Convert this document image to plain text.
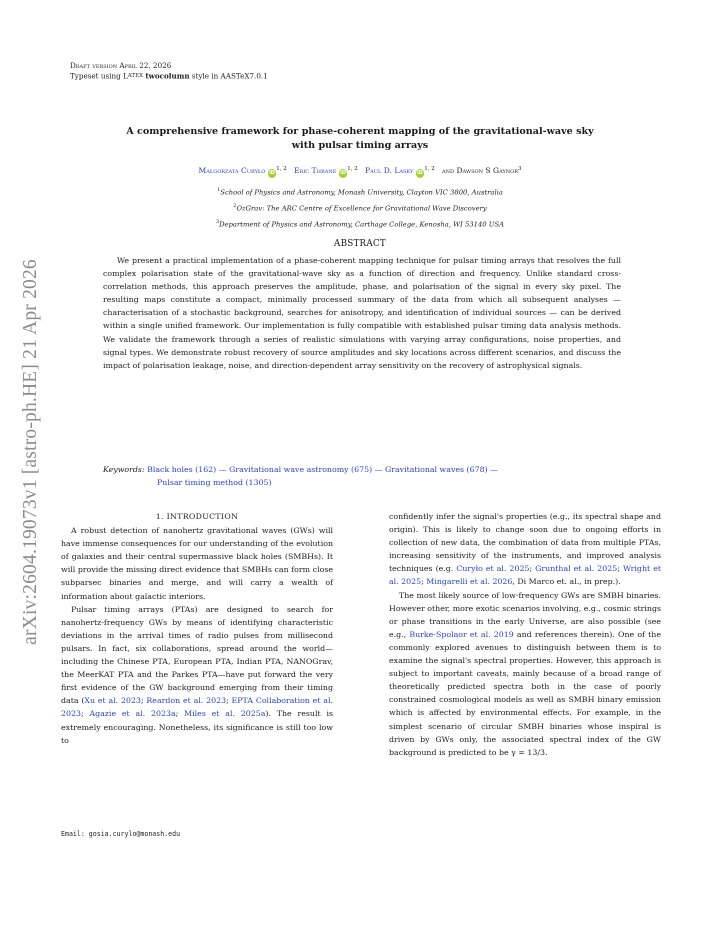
arXiv:2604.19073v1 [astro-ph.HE] 21 Apr 2026
Draft version April 22, 2026
Typeset using $L^{ATEX}$ twocolumn style in AASTeX7.0.1
A comprehensive framework for phase-coherent mapping of the gravitational-wave sky
with pulsar timing arrays
Małgorzata Curyło iD$^{1, 2}$ Eric Thrane iD$^{1, 2}$ Paul D. Lasky iD$^{1, 2}$ and Dawson S Gaynor$^3$
$^1$School of Physics and Astronomy, Monash University, Clayton VIC 3800, Australia
$^2$OzGrav: The ARC Centre of Excellence for Gravitational Wave Discovery
$^3$Department of Physics and Astronomy, Carthage College, Kenosha, WI 53140 USA
ABSTRACT
We present a practical implementation of a phase-coherent mapping technique for pulsar timing arrays that resolves the full complex polarisation state of the gravitational-wave sky as a function of direction and frequency. Unlike standard cross-correlation methods, this approach preserves the amplitude, phase, and polarisation of the signal in every sky pixel. The resulting maps constitute a compact, minimally processed summary of the data from which all subsequent analyses — characterisation of a stochastic background, searches for anisotropy, and identification of individual sources — can be derived within a single unified framework. Our implementation is fully compatible with established pulsar timing data analysis methods. We validate the framework through a series of realistic simulations with varying array configurations, noise properties, and signal types. We demonstrate robust recovery of source amplitudes and sky locations across different scenarios, and discuss the impact of polarisation leakage, noise, and direction-dependent array sensitivity on the recovery of astrophysical signals.
Keywords: Black holes (162) — Gravitational wave astronomy (675) — Gravitational waves (678) —
Pulsar timing method (1305)
1. INTRODUCTION

A robust detection of nanohertz gravitational waves (GWs) will have immense consequences for our understanding of the evolution of galaxies and their central supermassive black holes (SMBHs). It will provide the missing direct evidence that SMBHs can form close subparsec binaries and merge, and will carry a wealth of information about galactic interiors.

Pulsar timing arrays (PTAs) are designed to search for nanohertz-frequency GWs by means of identifying characteristic deviations in the arrival times of radio pulses from millisecond pulsars. In fact, six collaborations, spread around the world—including the Chinese PTA, European PTA, Indian PTA, NANOGrav, the MeerKAT PTA and the Parkes PTA—have put forward the very first evidence of the GW background emerging from their timing data (Xu et al. 2023; Reardon et al. 2023; EPTA Collaboration et al. 2023; Agazie et al. 2023a; Miles et al. 2025a). The result is extremely encouraging. Nonetheless, its significance is still too low to

confidently infer the signal's properties (e.g., its spectral shape and origin). This is likely to change soon due to ongoing efforts in collection of new data, the combination of data from multiple PTAs, increasing sensitivity of the instruments, and improved analysis techniques (e.g. Curyło et al. 2025; Grunthal et al. 2025; Wright et al. 2025; Mingarelli et al. 2026, Di Marco et. al., in prep.).

The most likely source of low-frequency GWs are SMBH binaries. However other, more exotic scenarios involving, e.g., cosmic strings or phase transitions in the early Universe, are also possible (see e.g., Burke-Spolaor et al. 2019 and references therein). One of the commonly explored avenues to distinguish between them is to examine the signal's spectral properties. However, this approach is subject to important caveats, mainly because of a broad range of theoretically predicted spectra both in the case of poorly constrained cosmological models as well as SMBH binary emission which is affected by environmental effects. For example, in the simplest scenario of circular SMBH binaries whose inspiral is driven by GWs only, the associated spectral index of the GW background is predicted to be γ = 13/3.

Email: gosia.curylo@monash.edu
